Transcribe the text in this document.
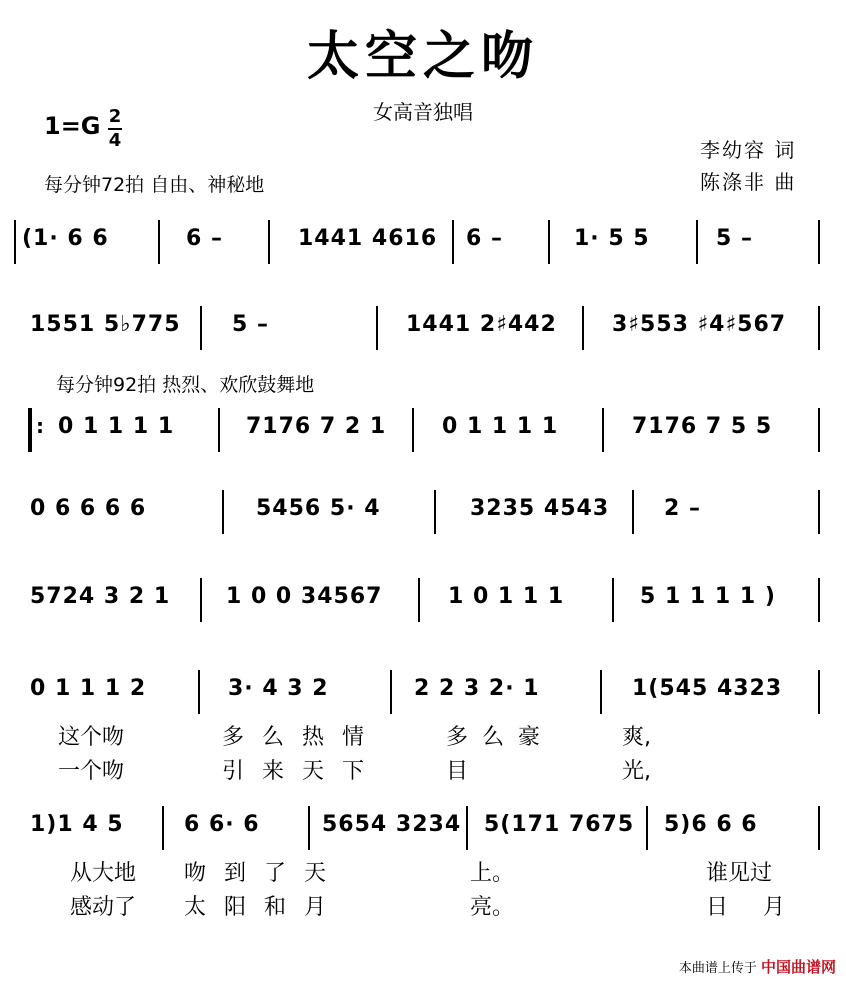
太空之吻
女高音独唱
1=G 2
4	李幼容 词
陈涤非 曲
每分钟72拍 自由、神秘地
每分钟92拍 热烈、欢欣鼓舞地
(1· 6 6	6 –	1441 4616 6 –	1· 5 5	5 –
1551 5♭775 5 –	1441 2♯442	3♯553 ♯4♯567
: 0 1 1 1 1	7176 7 2 1	0 1 1 1 1	7176 7 5 5
0 6 6 6 6	5456 5· 4	3235 4543 2 –
5724 3 2 1	1 0 0 34567	1 0 1 1 1	5 1 1 1 1 )
0 1 1 1 2	3· 4 3 2	2 2 3 2· 1	1(545 4323
这个吻	多么热情	多么豪	爽,
一个吻	引来天下	目	光,
1)1 4 5	6 6· 6	5654 3234 5(171 7675 5)6 6 6
从大地 吻到了天	上。	谁见过
感动了 太阳和月	亮。	日 月
本曲谱上传于 中国曲谱网
